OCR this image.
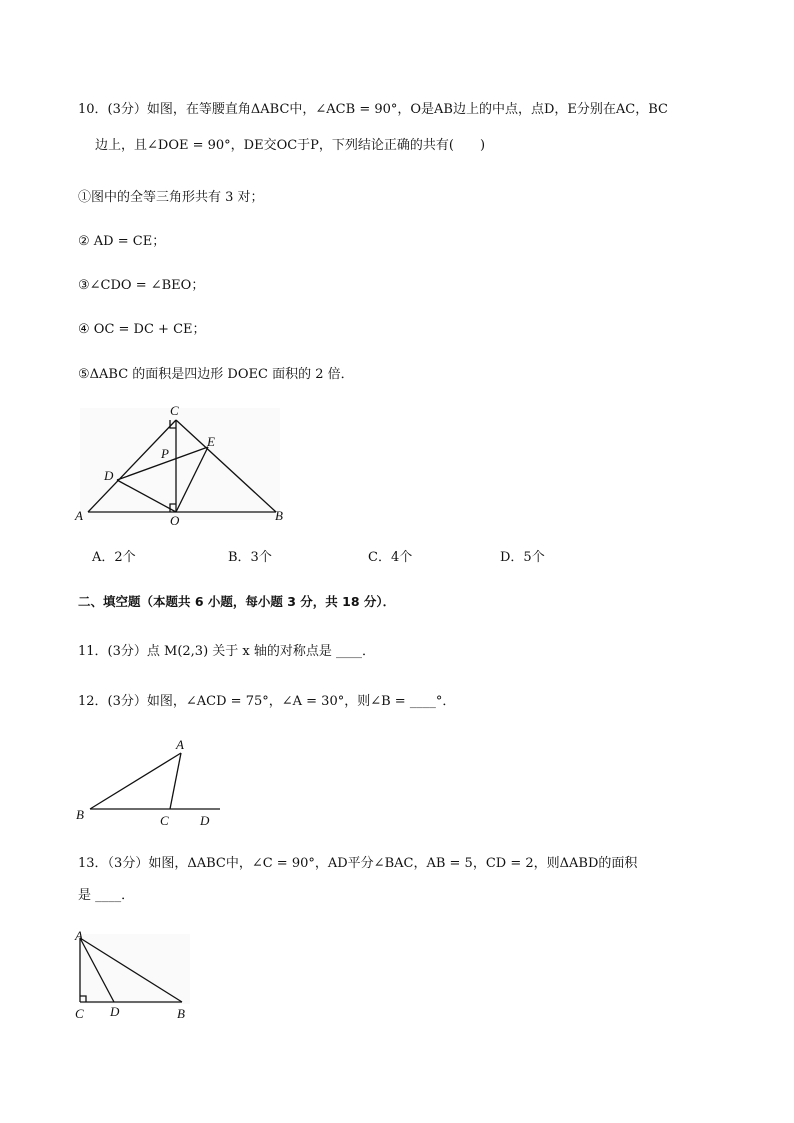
10．(3分）如图，在等腰直角ΔABC中，∠ACB = 90°，O是AB边上的中点，点D，E分别在AC，BC
边上，且∠DOE = 90°，DE交OC于P，下列结论正确的共有(　　)
①图中的全等三角形共有 3 对；
② AD = CE；
③∠CDO = ∠BEO；
④ OC = DC + CE；
⑤ΔABC 的面积是四边形 DOEC 面积的 2 倍．
C
E
P
D
A	O	B
A．2个	B．3个	C．4个	D．5个
二、填空题（本题共 6 小题，每小题 3 分，共 18 分）．
11．(3分）点 M(2,3) 关于 x 轴的对称点是 ____．
12．(3分）如图，∠ACD = 75°，∠A = 30°，则∠B = ____°．
A
B	C D
13．（3分）如图，ΔABC中，∠C = 90°，AD平分∠BAC，AB = 5，CD = 2，则ΔABD的面积
是 ____．
A
C D	B
